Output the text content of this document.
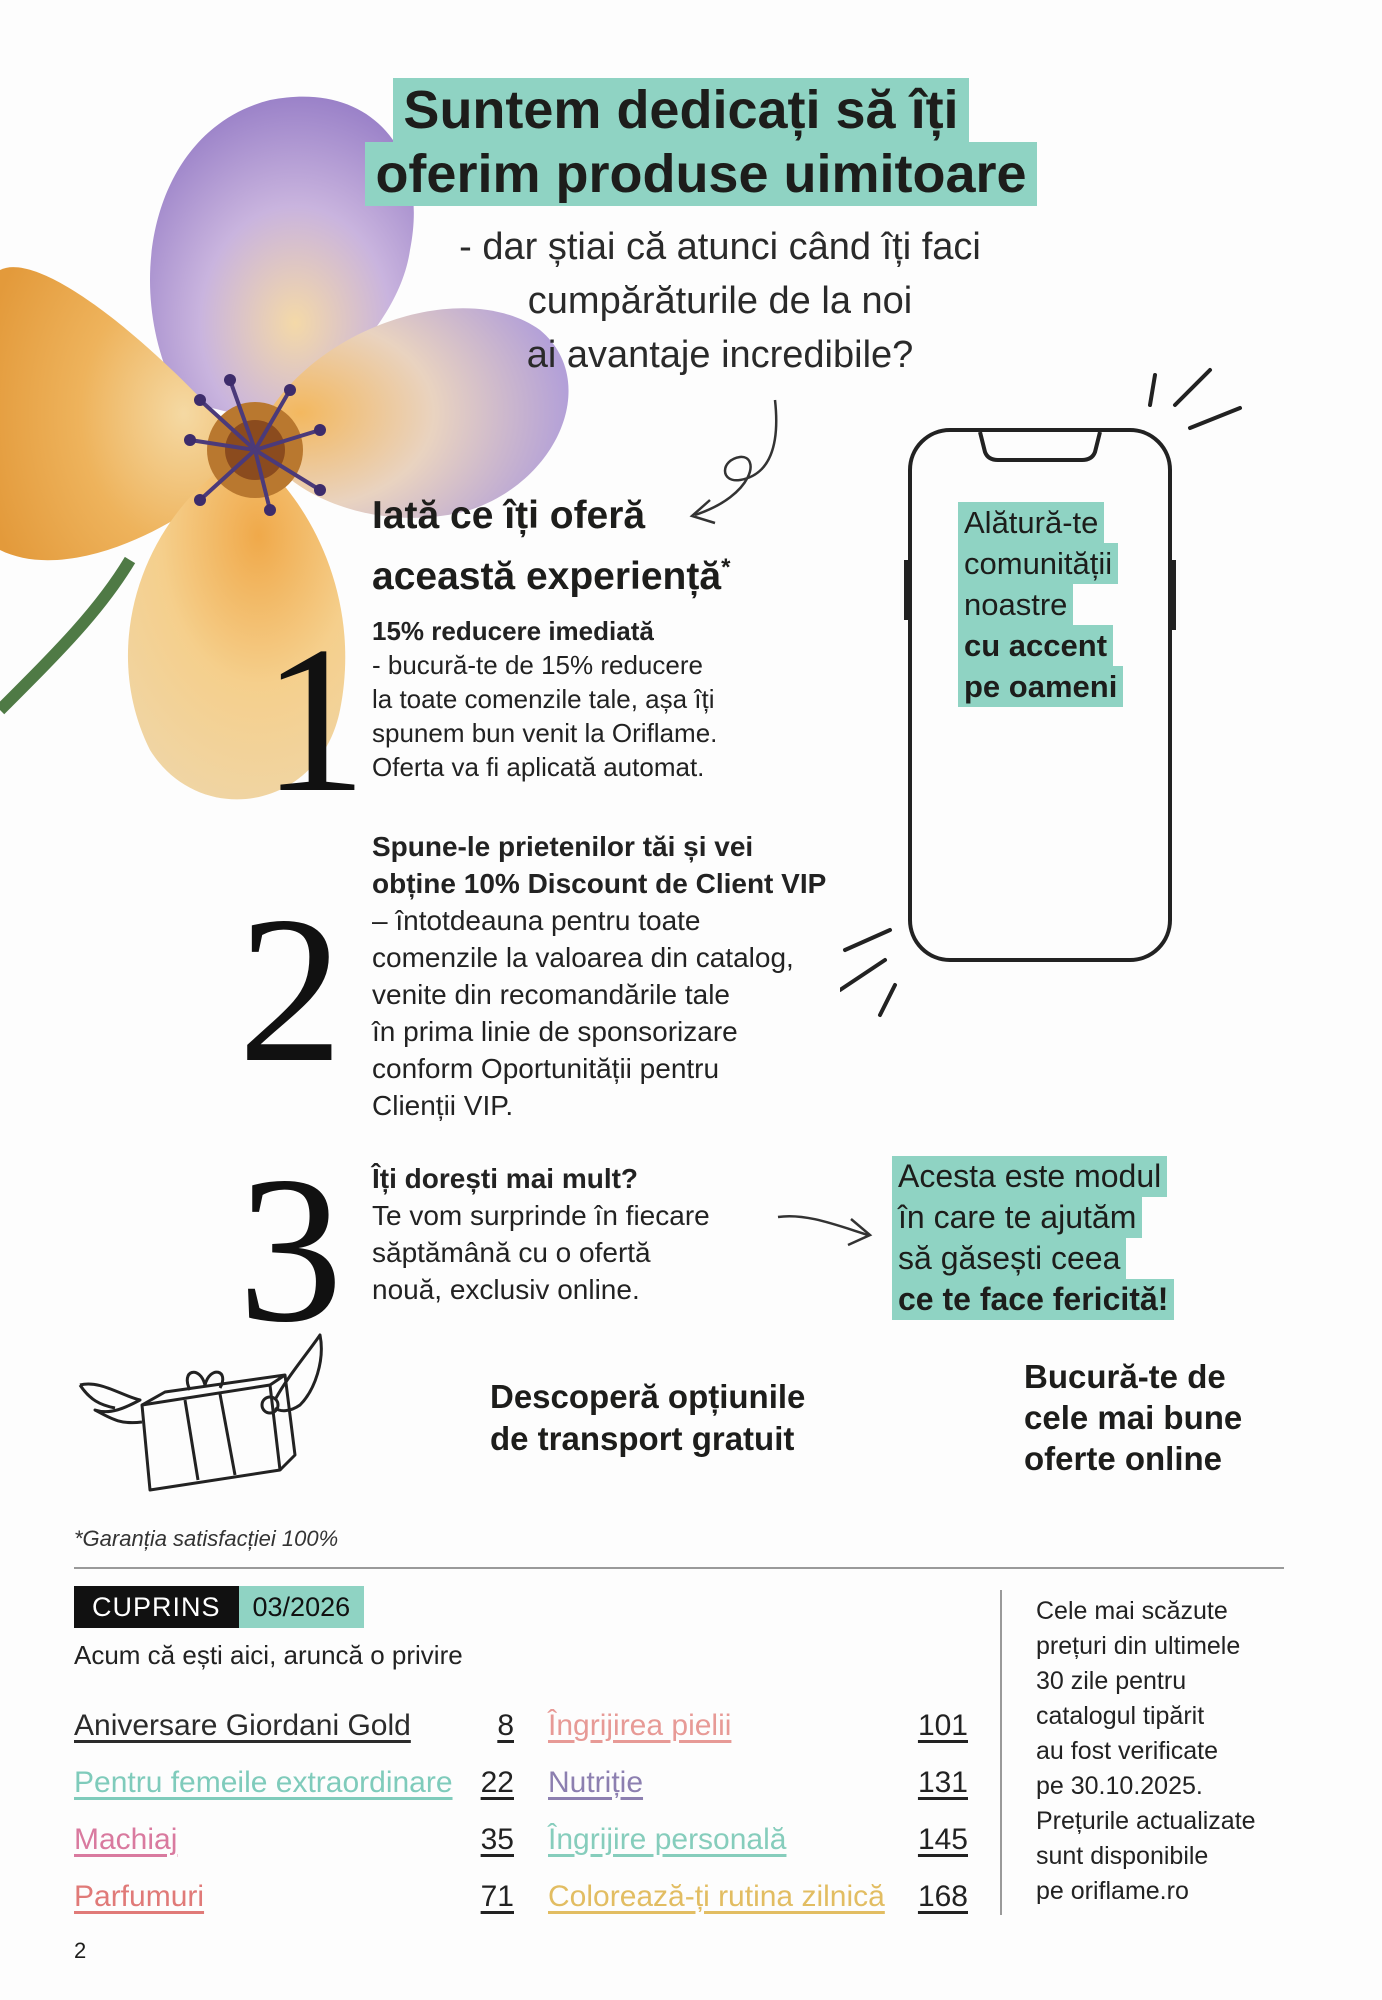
Suntem dedicați să îți
oferim produse uimitoare
- dar știai că atunci când îți faci
cumpărăturile de la noi
ai avantaje incredibile?
Iată ce îți oferă
această experiență*
1
2
3
15% reducere imediată
- bucură-te de 15% reducere
la toate comenzile tale, așa îți
spunem bun venit la Oriflame.
Oferta va fi aplicată automat.
Spune-le prietenilor tăi și vei
obține 10% Discount de Client VIP
– întotdeauna pentru toate
comenzile la valoarea din catalog,
venite din recomandările tale
în prima linie de sponsorizare
conform Oportunității pentru
Clienții VIP.
Îți dorești mai mult?
Te vom surprinde în fiecare
săptămână cu o ofertă
nouă, exclusiv online.
Alătură-te
comunității
noastre
cu accent
pe oameni
Acesta este modul
în care te ajutăm
să găsești ceea
ce te face fericită!
Descoperă opțiunile
de transport gratuit
Bucură-te de
cele mai bune
oferte online
*Garanția satisfacției 100%
CUPRINS	03/2026
Acum că ești aici, aruncă o privire
Aniversare Giordani Gold	8
Pentru femeile extraordinare 22
Machiaj	35
Parfumuri	71
Îngrijirea pielii	101
Nutriție	131
Îngrijire personală	145
Colorează-ți rutina zilnică	168
Cele mai scăzute
prețuri din ultimele
30 zile pentru
catalogul tipărit
au fost verificate
pe 30.10.2025.
Prețurile actualizate
sunt disponibile
pe oriflame.ro
2
